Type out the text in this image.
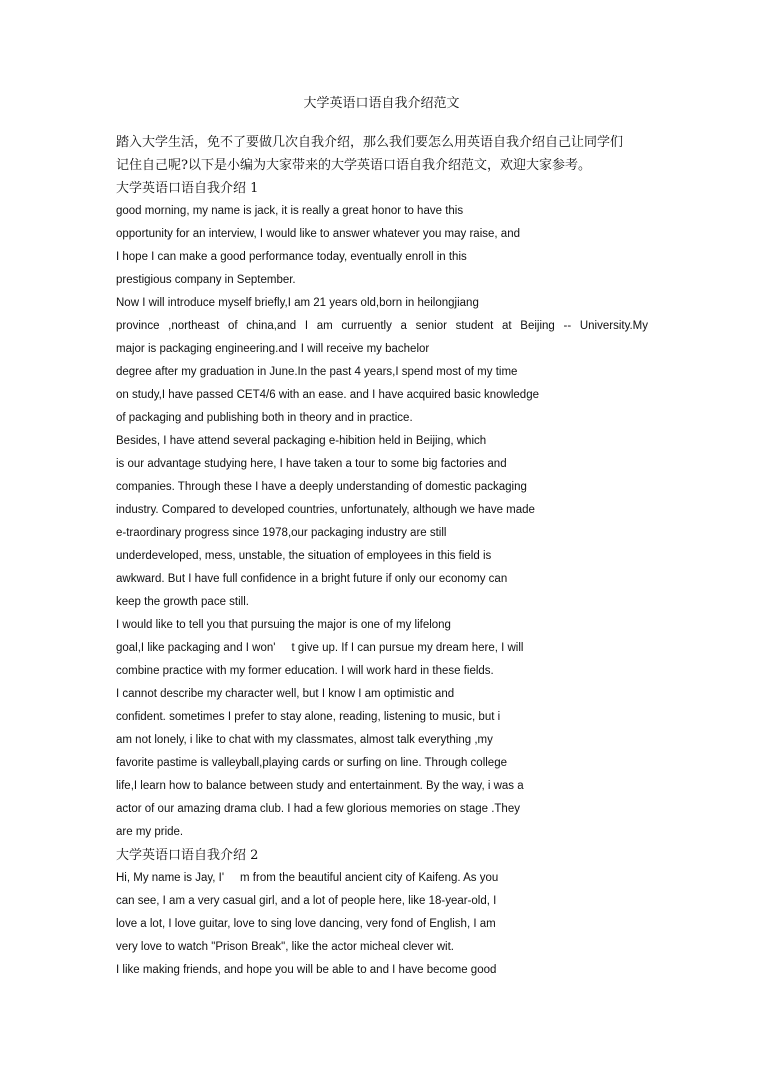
大学英语口语自我介绍范文
踏入大学生活，免不了要做几次自我介绍，那么我们要怎么用英语自我介绍自己让同学们
记住自己呢?以下是小编为大家带来的大学英语口语自我介绍范文，欢迎大家参考。
大学英语口语自我介绍 1
good morning, my name is jack, it is really a great honor to have this
opportunity for an interview, I would like to answer whatever you may raise, and
I hope I can make a good performance today, eventually enroll in this
prestigious company in September.
Now I will introduce myself briefly,I am 21 years old,born in heilongjiang
province ,northeast of china,and I am curruently a senior student at Beijing -- University.My
major is packaging engineering.and I will receive my bachelor
degree after my graduation in June.In the past 4 years,I spend most of my time
on study,I have passed CET4/6 with an ease. and I have acquired basic knowledge
of packaging and publishing both in theory and in practice.
Besides, I have attend several packaging e-hibition held in Beijing, which
is our advantage studying here, I have taken a tour to some big factories and
companies. Through these I have a deeply understanding of domestic packaging
industry. Compared to developed countries, unfortunately, although we have made
e-traordinary progress since 1978,our packaging industry are still
underdeveloped, mess, unstable, the situation of employees in this field is
awkward. But I have full confidence in a bright future if only our economy can
keep the growth pace still.
I would like to tell you that pursuing the major is one of my lifelong
goal,I like packaging and I won'     t give up. If I can pursue my dream here, I will
combine practice with my former education. I will work hard in these fields.
I cannot describe my character well, but I know I am optimistic and
confident. sometimes I prefer to stay alone, reading, listening to music, but i
am not lonely, i like to chat with my classmates, almost talk everything ,my
favorite pastime is valleyball,playing cards or surfing on line. Through college
life,I learn how to balance between study and entertainment. By the way, i was a
actor of our amazing drama club. I had a few glorious memories on stage .They
are my pride.
大学英语口语自我介绍 2
Hi, My name is Jay, I'     m from the beautiful ancient city of Kaifeng. As you
can see, I am a very casual girl, and a lot of people here, like 18-year-old, I
love a lot, I love guitar, love to sing love dancing, very fond of English, I am
very love to watch "Prison Break", like the actor micheal clever wit.
I like making friends, and hope you will be able to and I have become good
